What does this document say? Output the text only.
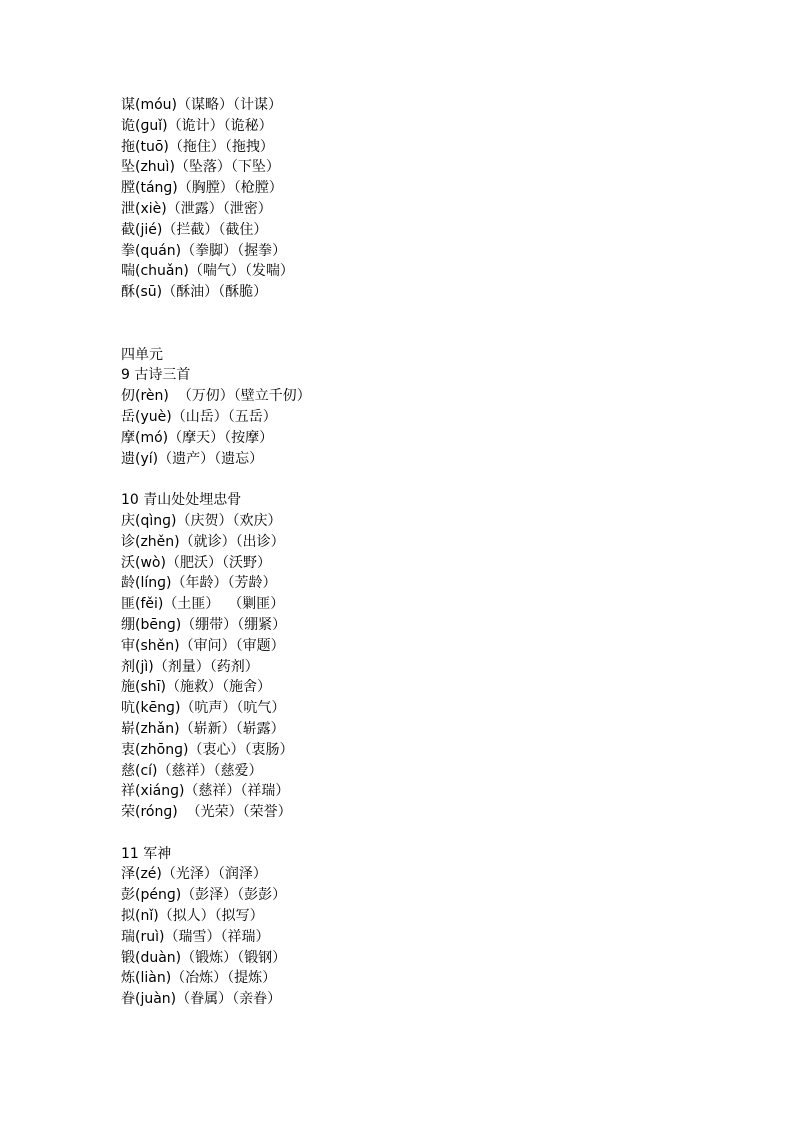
谋(móu)（谋略）（计谋）
诡(ɡuǐ)（诡计）（诡秘）
拖(tuō)（拖住）（拖拽）
坠(zhuì)（坠落）（下坠）
膛(tánɡ)（胸膛）（枪膛）
泄(xiè)（泄露）（泄密）
截(jié)（拦截）（截住）
拳(quán)（拳脚）（握拳）
喘(chuǎn)（喘气）（发喘）
酥(sū)（酥油）（酥脆）
四单元
9 古诗三首
仞(rèn)  （万仞）（壁立千仞）
岳(yuè)（山岳）（五岳）
摩(mó)（摩天）（按摩）
遗(yí)（遗产）（遗忘）
10 青山处处埋忠骨
庆(qìnɡ)（庆贺）（欢庆）
诊(zhěn)（就诊）（出诊）
沃(wò)（肥沃）（沃野）
龄(línɡ)（年龄）（芳龄）
匪(fěi)（土匪）  （剿匪）
绷(bēnɡ)（绷带）（绷紧）
审(shěn)（审问）（审题）
剂(jì)（剂量）（药剂）
施(shī)（施救）（施舍）
吭(kēnɡ)（吭声）（吭气）
崭(zhǎn)（崭新）（崭露）
衷(zhōnɡ)（衷心）（衷肠）
慈(cí)（慈祥）（慈爱）
祥(xiánɡ)（慈祥）（祥瑞）
荣(rónɡ)  （光荣）（荣誉）
11 军神
泽(zé)（光泽）（润泽）
彭(pénɡ)（彭泽）（彭彭）
拟(nǐ)（拟人）（拟写）
瑞(ruì)（瑞雪）（祥瑞）
锻(duàn)（锻炼）（锻钢）
炼(liàn)（冶炼）（提炼）
眷(juàn)（眷属）（亲眷）
